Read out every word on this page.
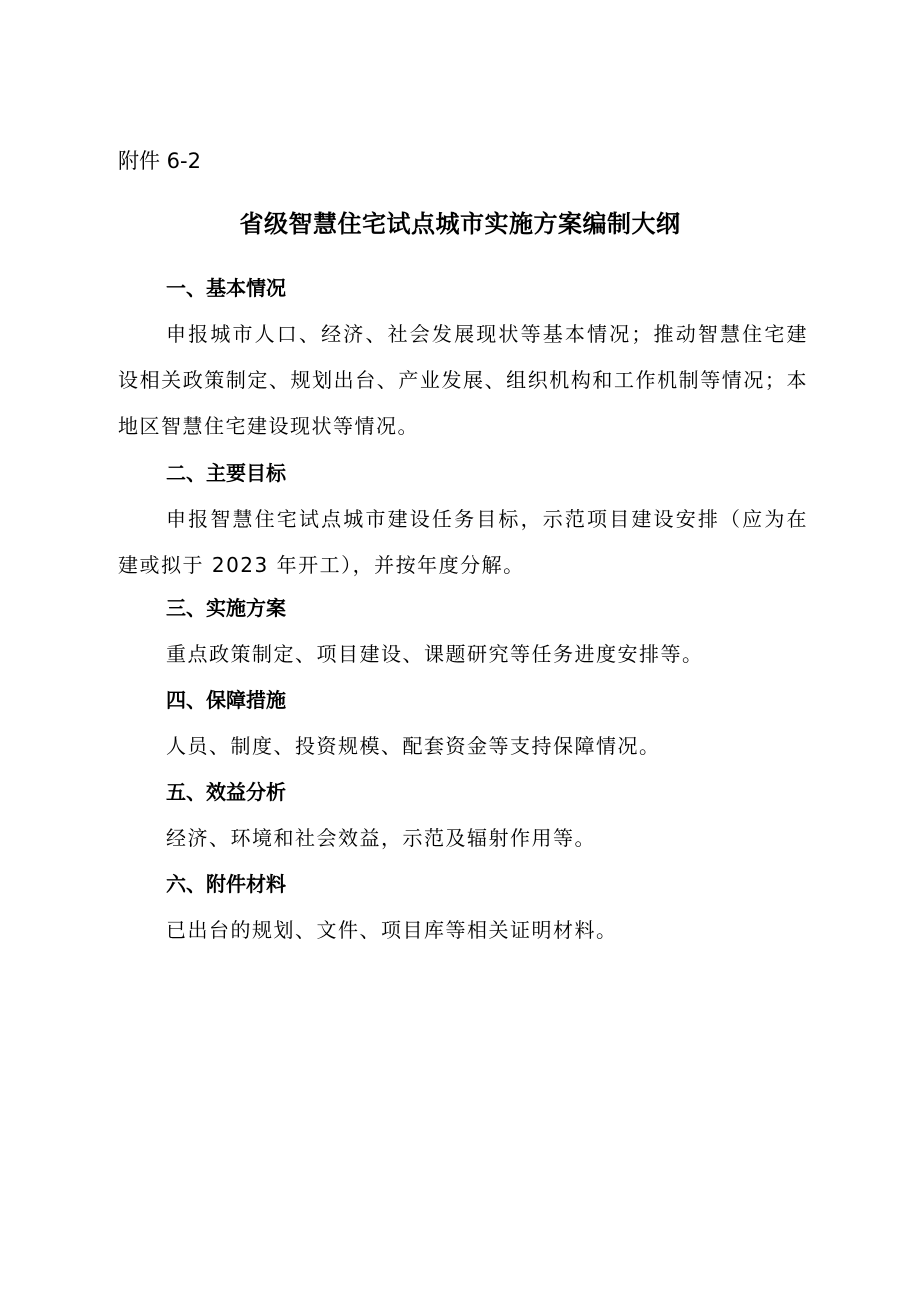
附件 6-2
省级智慧住宅试点城市实施方案编制大纲
一、基本情况
申报城市人口、经济、社会发展现状等基本情况；推动智慧住宅建设相关政策制定、规划出台、产业发展、组织机构和工作机制等情况；本地区智慧住宅建设现状等情况。
二、主要目标
申报智慧住宅试点城市建设任务目标，示范项目建设安排（应为在建或拟于 2023 年开工），并按年度分解。
三、实施方案
重点政策制定、项目建设、课题研究等任务进度安排等。
四、保障措施
人员、制度、投资规模、配套资金等支持保障情况。
五、效益分析
经济、环境和社会效益，示范及辐射作用等。
六、附件材料
已出台的规划、文件、项目库等相关证明材料。
